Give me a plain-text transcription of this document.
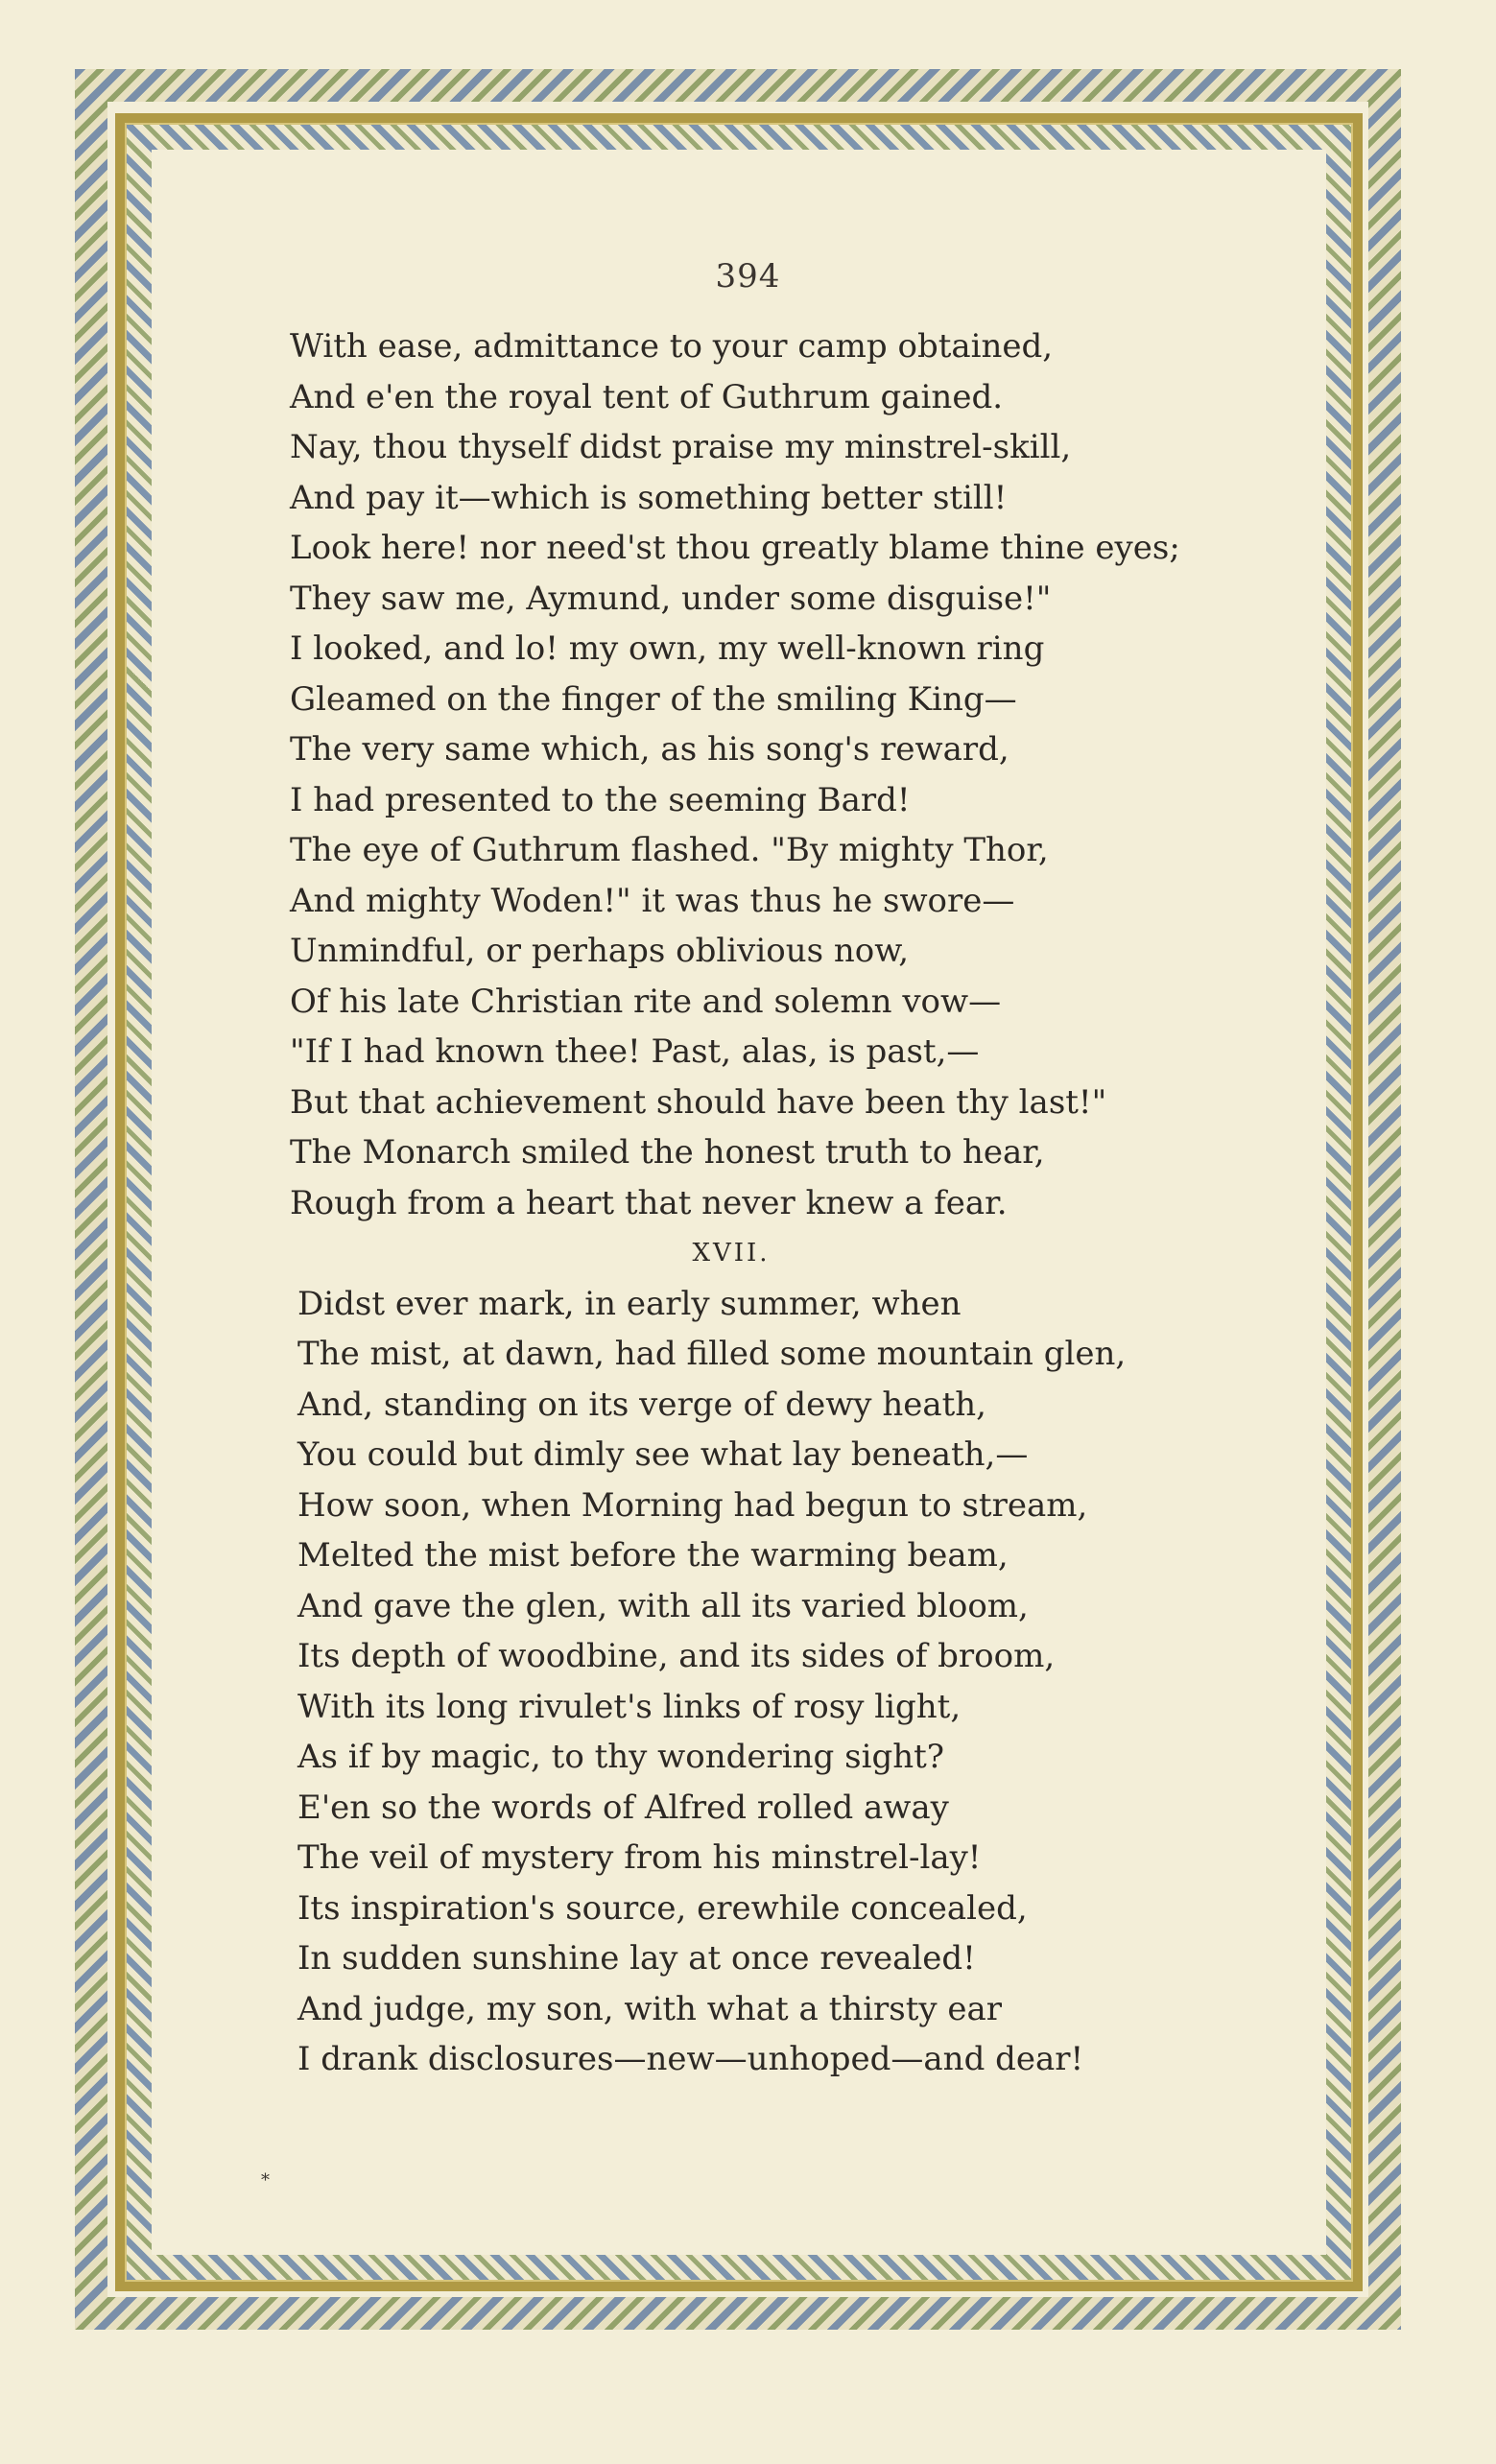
394
With ease, admittance to your camp obtained,
And e'en the royal tent of Guthrum gained.
Nay, thou thyself didst praise my minstrel-skill,
And pay it—which is something better still!
Look here! nor need'st thou greatly blame thine eyes;
They saw me, Aymund, under some disguise!"
I looked, and lo! my own, my well-known ring
Gleamed on the finger of the smiling King—
The very same which, as his song's reward,
I had presented to the seeming Bard!
The eye of Guthrum flashed. "By mighty Thor,
And mighty Woden!" it was thus he swore—
Unmindful, or perhaps oblivious now,
Of his late Christian rite and solemn vow—
"If I had known thee! Past, alas, is past,—
But that achievement should have been thy last!"
The Monarch smiled the honest truth to hear,
Rough from a heart that never knew a fear.
XVII.
Didst ever mark, in early summer, when
The mist, at dawn, had filled some mountain glen,
And, standing on its verge of dewy heath,
You could but dimly see what lay beneath,—
How soon, when Morning had begun to stream,
Melted the mist before the warming beam,
And gave the glen, with all its varied bloom,
Its depth of woodbine, and its sides of broom,
With its long rivulet's links of rosy light,
As if by magic, to thy wondering sight?
E'en so the words of Alfred rolled away
The veil of mystery from his minstrel-lay!
Its inspiration's source, erewhile concealed,
In sudden sunshine lay at once revealed!
And judge, my son, with what a thirsty ear
I drank disclosures—new—unhoped—and dear!
*
